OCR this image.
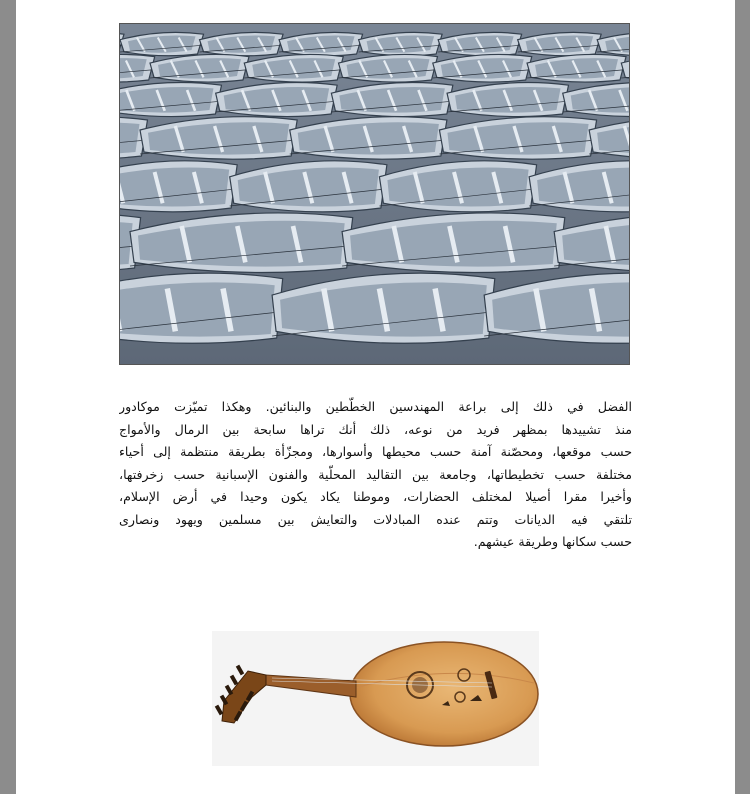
الفضل في ذلك إلى براعة المهندسين الخطّطين والبنائين. وهكذا تميّزت موكادور
منذ تشييدها بمظهر فريد من نوعه، ذلك أنك تراها سابحة بين الرمال والأمواج
حسب موقعها، ومحصّنة آمنة حسب محيطها وأسوارها، ومجزّأة بطريقة منتظمة إلى أحياء
مختلفة حسب تخطيطاتها، وجامعة بين التقاليد المحلّية والفنون الإسبانية حسب زخرفتها،
وأخيرا مقرا أصيلا لمختلف الحضارات، وموطنا يكاد يكون وحيدا في أرض الإسلام،
تلتقي فيه الديانات وتتم عنده المبادلات والتعايش بين مسلمين ويهود ونصارى
حسب سكانها وطريقة عيشهم.
